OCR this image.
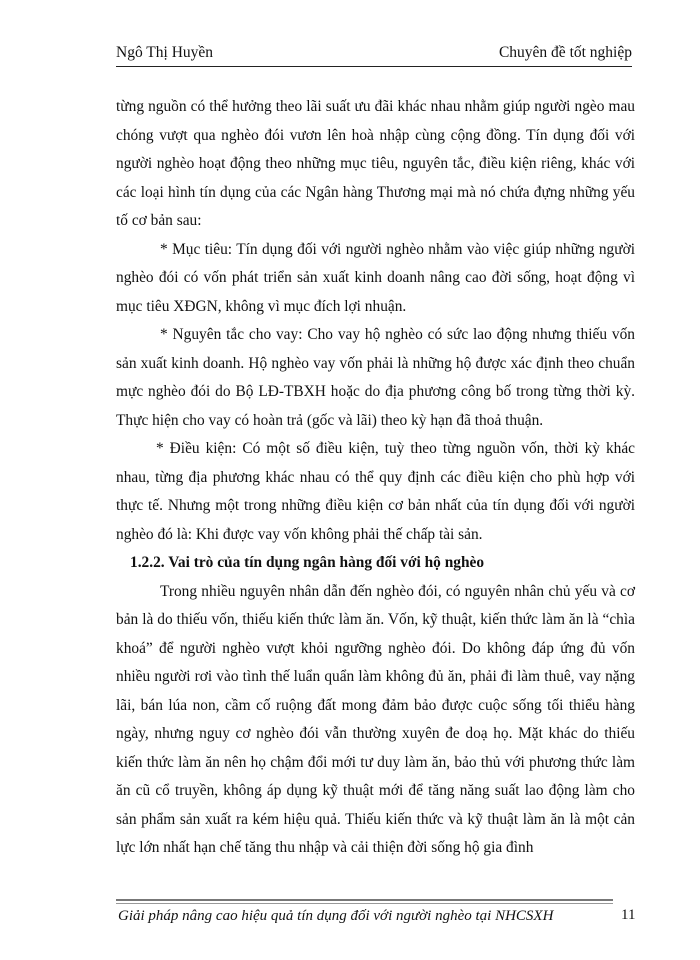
Ngô Thị Huyền	Chuyên đề tốt nghiệp

từng nguồn có thể hưởng theo lãi suất ưu đãi khác nhau nhằm giúp người ngèo mau chóng vượt qua nghèo đói vươn lên hoà nhập cùng cộng đồng. Tín dụng đối với người nghèo hoạt động theo những mục tiêu, nguyên tắc, điều kiện riêng, khác với các loại hình tín dụng của các Ngân hàng Thương mại mà nó chứa đựng những yếu tố cơ bản sau:

* Mục tiêu: Tín dụng đối với người nghèo nhằm vào việc giúp những người nghèo đói có vốn phát triển sản xuất kinh doanh nâng cao đời sống, hoạt động vì mục tiêu XĐGN, không vì mục đích lợi nhuận.

* Nguyên tắc cho vay: Cho vay hộ nghèo có sức lao động nhưng thiếu vốn sản xuất kinh doanh. Hộ nghèo vay vốn phải là những hộ được xác định theo chuẩn mực nghèo đói do Bộ LĐ-TBXH hoặc do địa phương công bố trong từng thời kỳ. Thực hiện cho vay có hoàn trả (gốc và lãi) theo kỳ hạn đã thoả thuận.

* Điều kiện: Có một số điều kiện, tuỳ theo từng nguồn vốn, thời kỳ khác nhau, từng địa phương khác nhau có thể quy định các điều kiện cho phù hợp với thực tế. Nhưng một trong những điều kiện cơ bản nhất của tín dụng đối với người nghèo đó là: Khi được vay vốn không phải thế chấp tài sản.

1.2.2. Vai trò của tín dụng ngân hàng đối với hộ nghèo

Trong nhiều nguyên nhân dẫn đến nghèo đói, có nguyên nhân chủ yếu và cơ bản là do thiếu vốn, thiếu kiến thức làm ăn. Vốn, kỹ thuật, kiến thức làm ăn là “chìa khoá” để người nghèo vượt khỏi ngưỡng nghèo đói. Do không đáp ứng đủ vốn nhiều người rơi vào tình thế luẩn quẩn làm không đủ ăn, phải đi làm thuê, vay nặng lãi, bán lúa non, cầm cố ruộng đất mong đảm bảo được cuộc sống tối thiểu hàng ngày, nhưng nguy cơ nghèo đói vẫn thường xuyên đe doạ họ. Mặt khác do thiếu kiến thức làm ăn nên họ chậm đổi mới tư duy làm ăn, bảo thủ với phương thức làm ăn cũ cổ truyền, không áp dụng kỹ thuật mới để tăng năng suất lao động làm cho sản phẩm sản xuất ra kém hiệu quả. Thiếu kiến thức và kỹ thuật làm ăn là một cản lực lớn nhất hạn chế tăng thu nhập và cải thiện đời sống hộ gia đình

Giải pháp nâng cao hiệu quả tín dụng đối với người nghèo tại NHCSXH	11
